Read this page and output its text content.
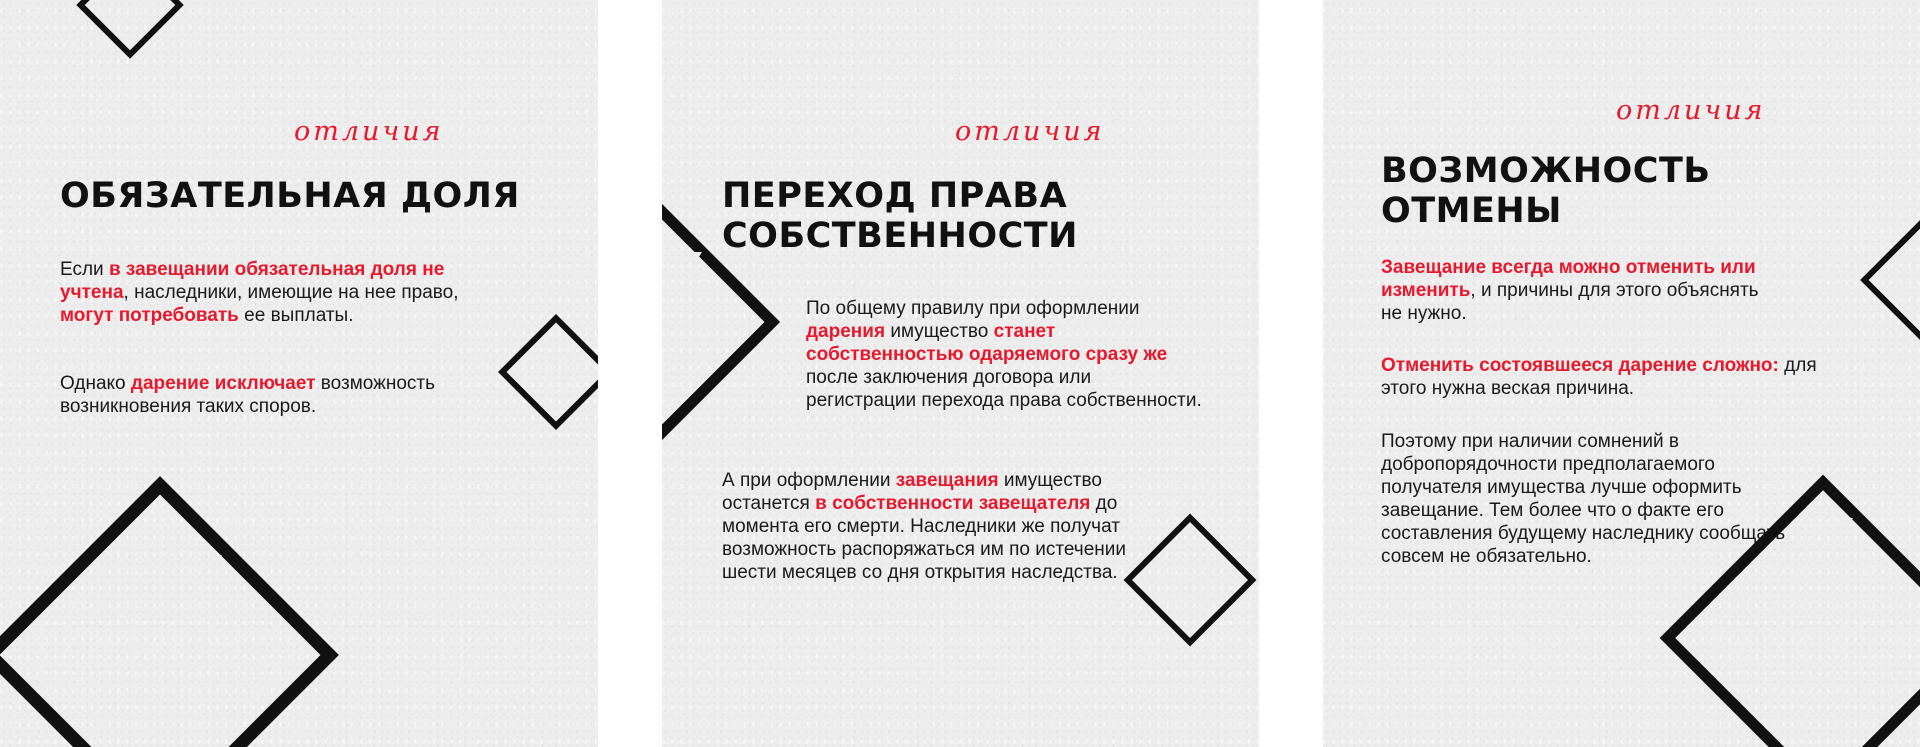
отличия
ОБЯЗАТЕЛЬНАЯ ДОЛЯ

Если в завещании обязательная доля не учтена, наследники, имеющие на нее право, могут потребовать ее выплаты.

Однако дарение исключает возможность возникновения таких споров.

▮▮▮▮▮▮▮
отличия
ПЕРЕХОД ПРАВА
СОБСТВЕННОСТИ

По общему правилу при оформлении дарения имущество станет собственностью одаряемого сразу же после заключения договора или регистрации перехода права собственности.

А при оформлении завещания имущество останется в собственности завещателя до момента его смерти. Наследники же получат возможность распоряжаться им по истечении шести месяцев со дня открытия наследства.

отличия
ВОЗМОЖНОСТЬ
ОТМЕНЫ

Завещание всегда можно отменить или изменить, и причины для этого объяснять не нужно.

Отменить состоявшееся дарение сложно: для этого нужна веская причина.

Поэтому при наличии сомнений в добропорядочности предполагаемого получателя имущества лучше оформить завещание. Тем более что о факте его составления будущему наследнику сообщать совсем не обязательно.
